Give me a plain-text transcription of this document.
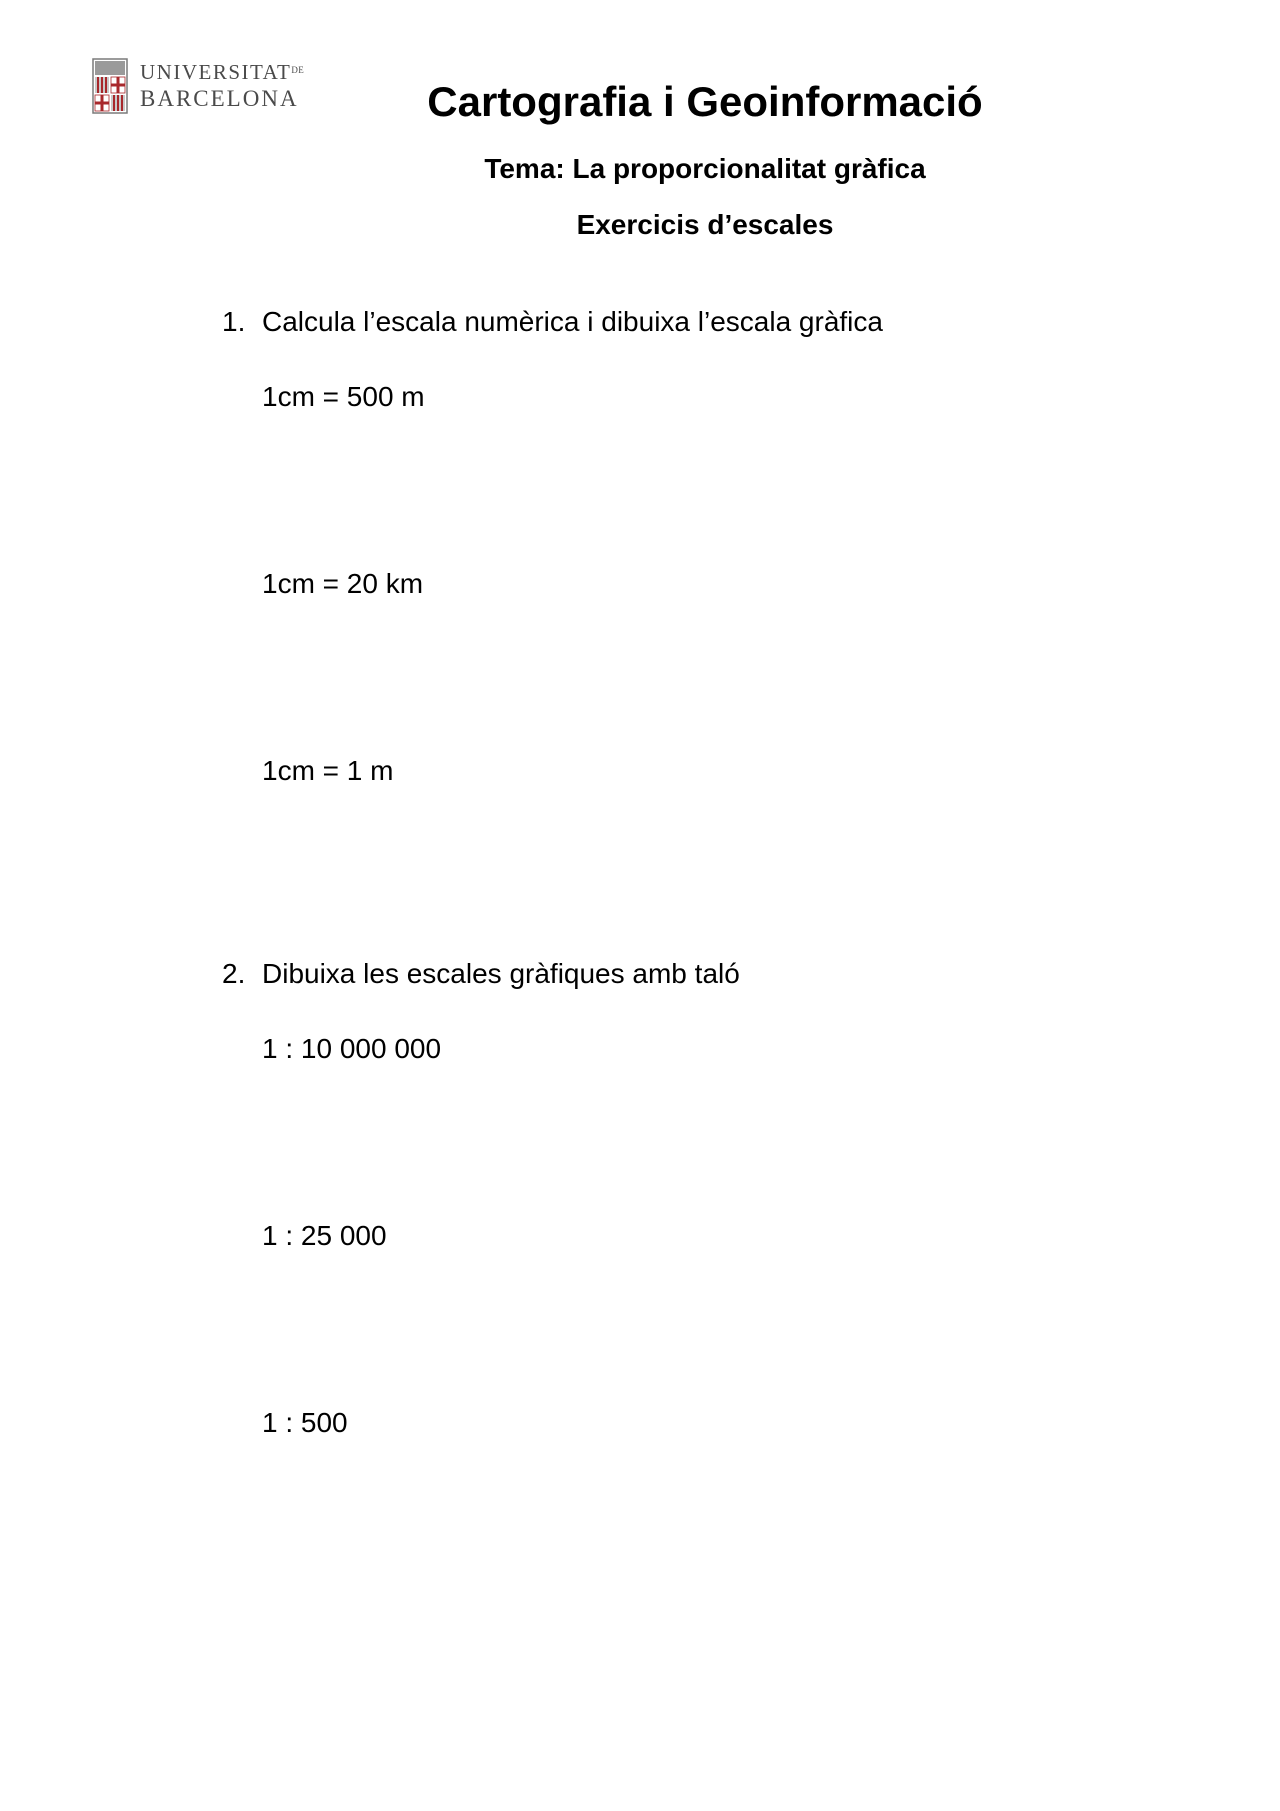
$UNIVERSITAT^{DE}$
BARCELONA	Cartografia i Geoinformació
Tema: La proporcionalitat gràfica
Exercicis d’escales

1. Calcula l’escala numèrica i dibuixa l’escala gràfica

1cm = 500 m

1cm = 20 km

1cm = 1 m

2. Dibuixa les escales gràfiques amb taló

1 : 10 000 000

1 : 25 000

1 : 500
